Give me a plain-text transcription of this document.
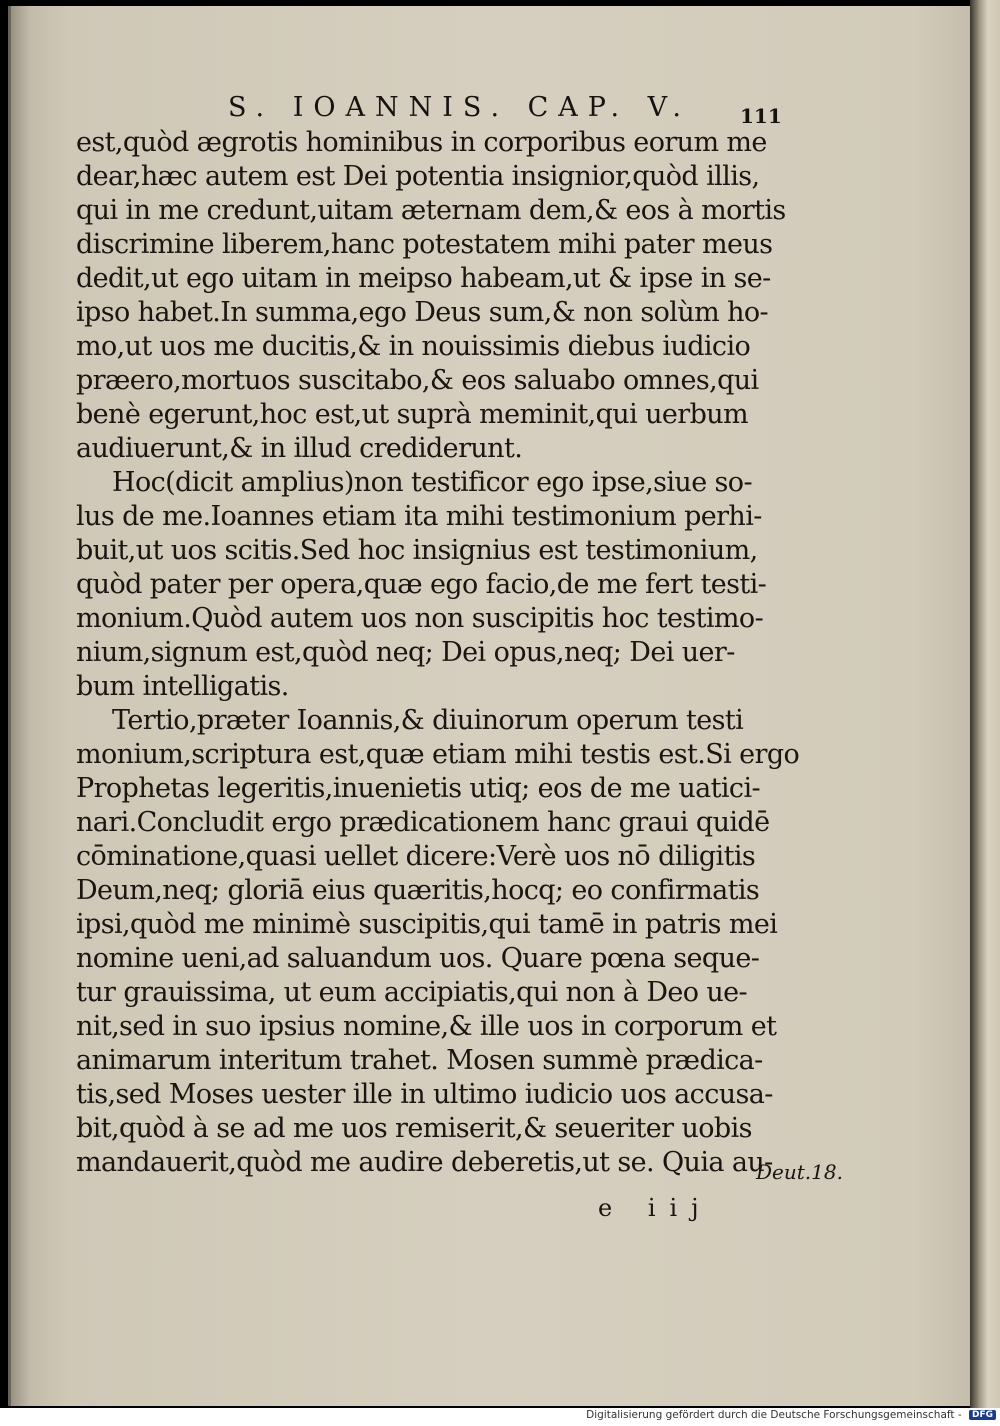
S. IOANNIS. CAP. V. 111
est,quòd ægrotis hominibus in corporibus eorum me
dear,hæc autem est Dei potentia insignior,quòd illis,
qui in me credunt,uitam æternam dem,& eos à mortis
discrimine liberem,hanc potestatem mihi pater meus
dedit,ut ego uitam in meipso habeam,ut & ipse in se-
ipso habet.In summa,ego Deus sum,& non solùm ho-
mo,ut uos me ducitis,& in nouissimis diebus iudicio
præero,mortuos suscitabo,& eos saluabo omnes,qui
benè egerunt,hoc est,ut suprà meminit,qui uerbum
audiuerunt,& in illud crediderunt.
Hoc(dicit amplius)non testificor ego ipse,siue so-
lus de me.Ioannes etiam ita mihi testimonium perhi-
buit,ut uos scitis.Sed hoc insignius est testimonium,
quòd pater per opera,quæ ego facio,de me fert testi-
monium.Quòd autem uos non suscipitis hoc testimo-
nium,signum est,quòd neq; Dei opus,neq; Dei uer-
bum intelligatis.
Tertio,præter Ioannis,& diuinorum operum testi
monium,scriptura est,quæ etiam mihi testis est.Si ergo
Prophetas legeritis,inuenietis utiq; eos de me uatici-
nari.Concludit ergo prædicationem hanc graui quidē
cōminatione,quasi uellet dicere:Verè uos nō diligitis
Deum,neq; gloriā eius quæritis,hocq; eo confirmatis
ipsi,quòd me minimè suscipitis,qui tamē in patris mei
nomine ueni,ad saluandum uos. Quare pœna seque-
tur grauissima, ut eum accipiatis,qui non à Deo ue-
nit,sed in suo ipsius nomine,& ille uos in corporum et
animarum interitum trahet. Mosen summè prædica-
tis,sed Moses uester ille in ultimo iudicio uos accusa-
bit,quòd à se ad me uos remiserit,& seueriter uobis
mandauerit,quòd me audire deberetis,ut se. Quia au-
Deut.18.
e iij
Digitalisierung gefördert durch die Deutsche Forschungsgemeinschaft - DFG
